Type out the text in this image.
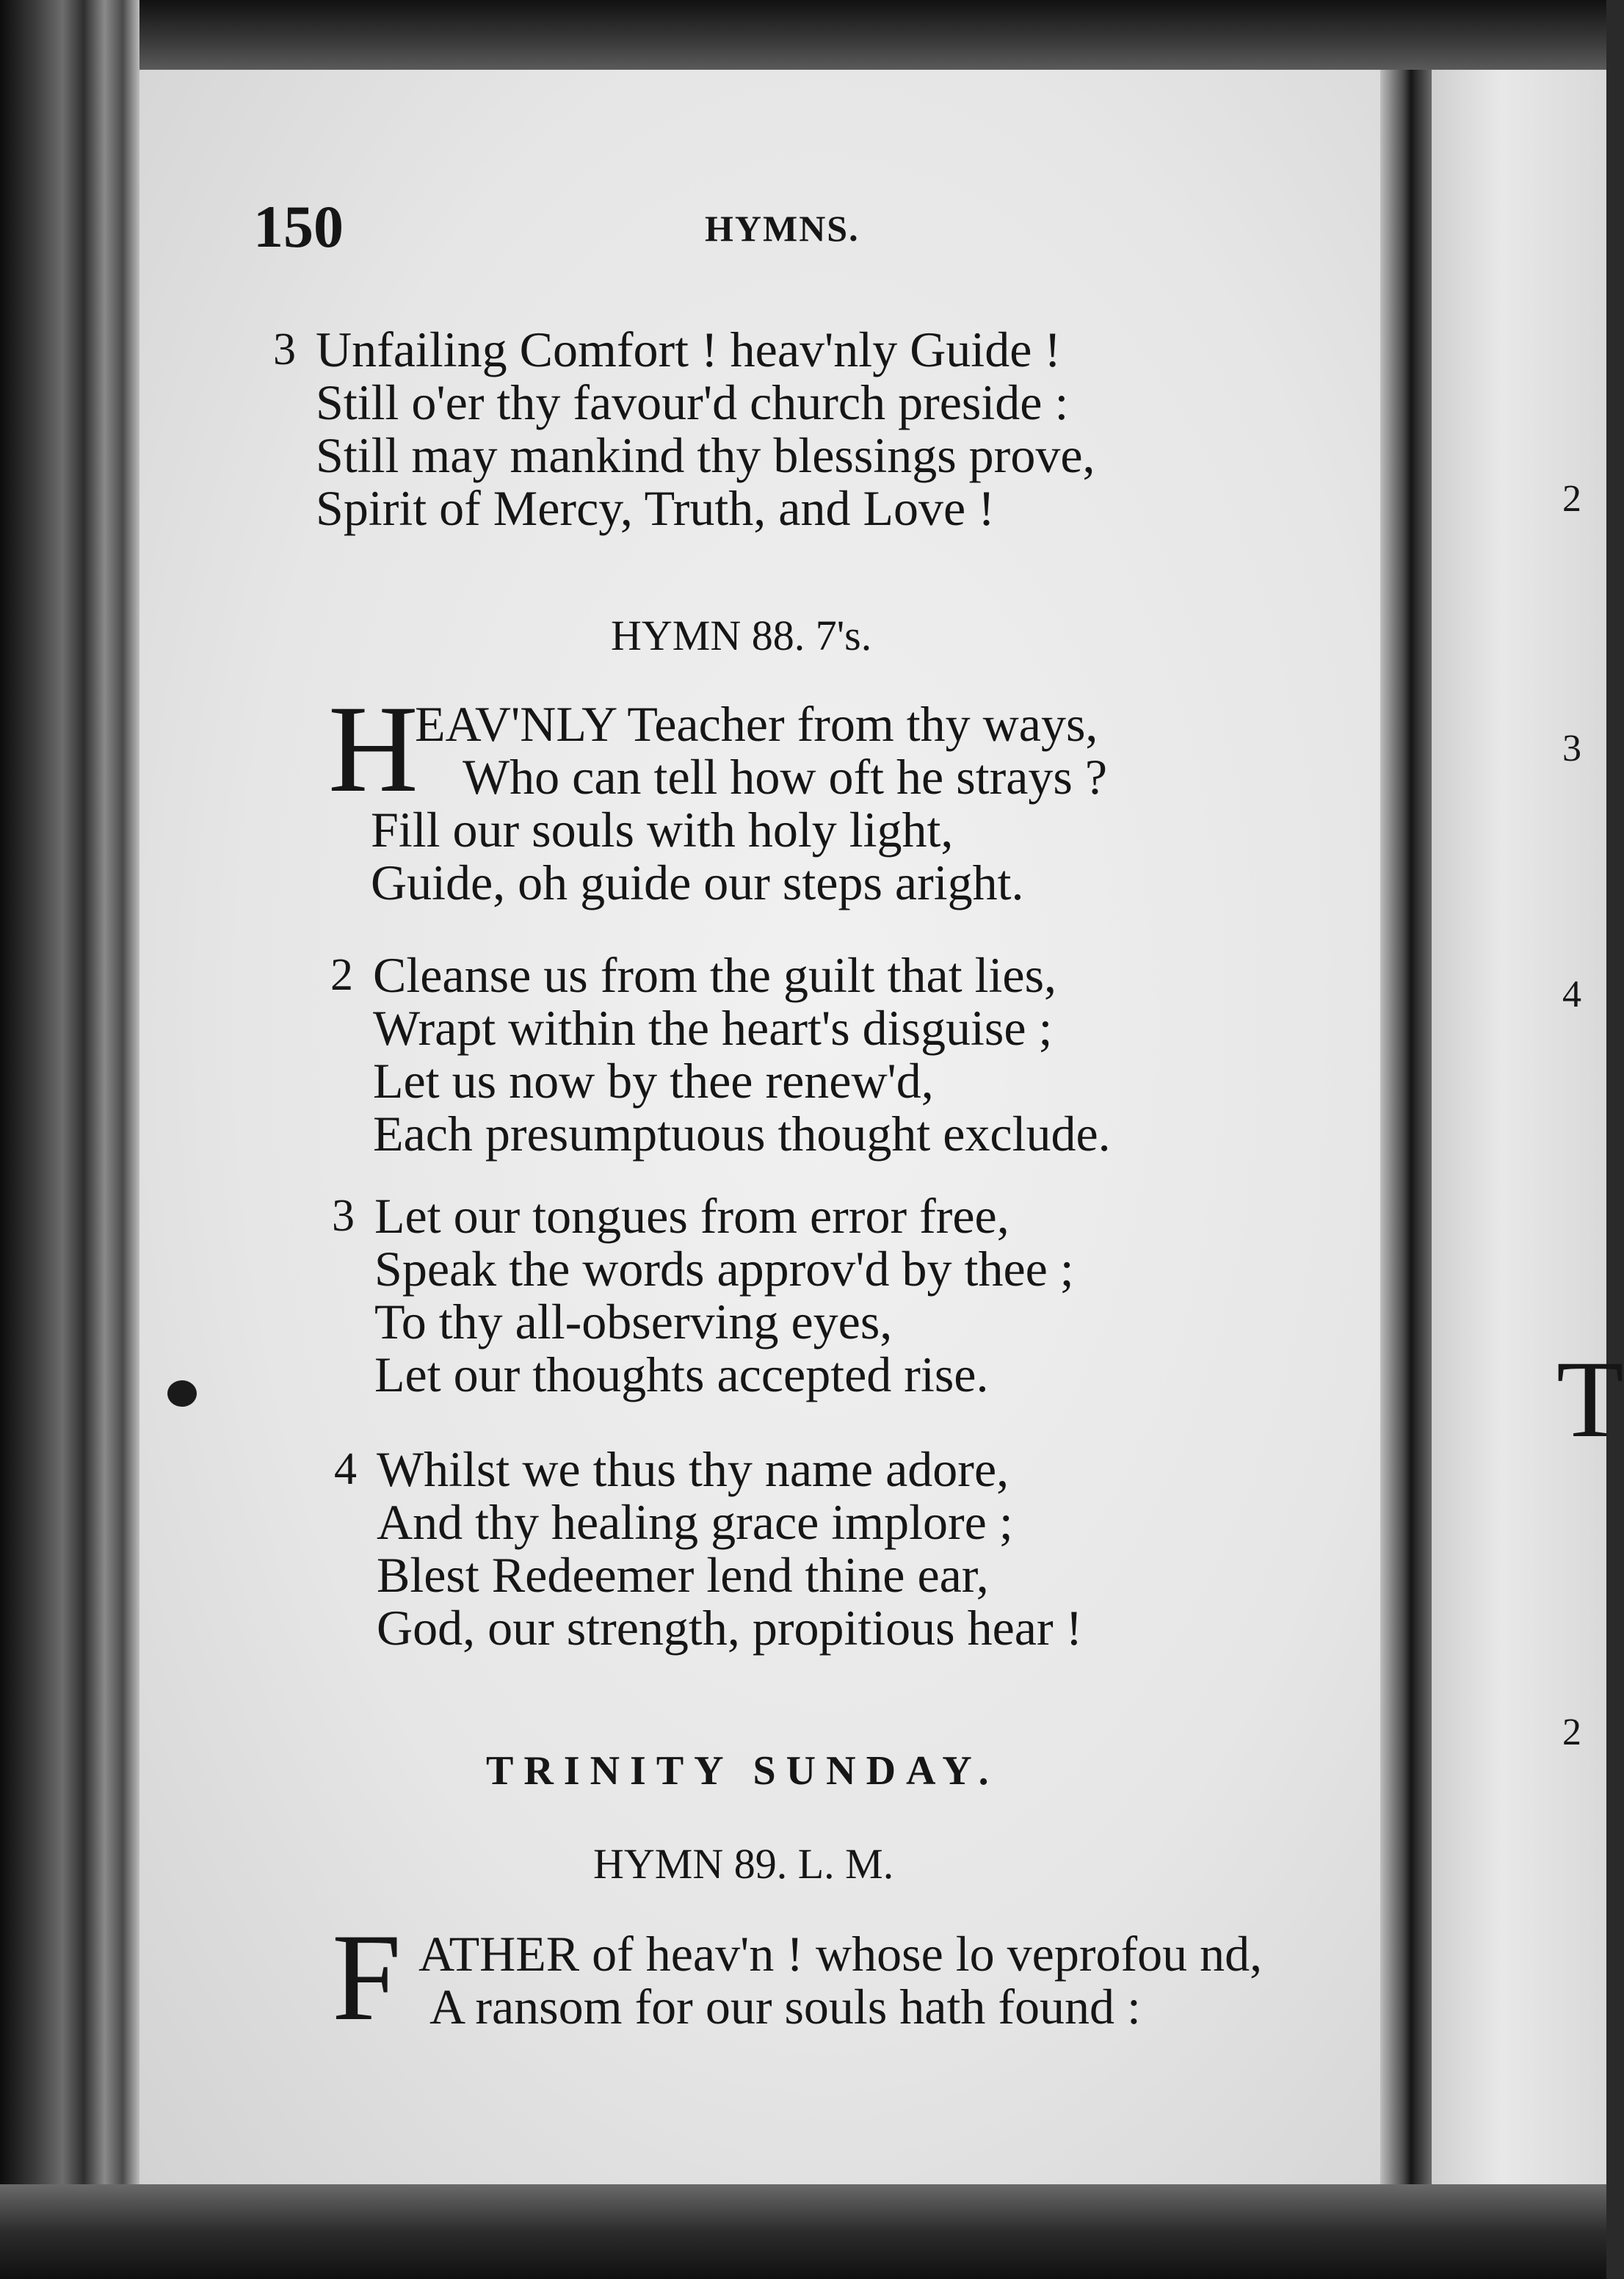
150	HYMNS.
3 Unfailing Comfort ! heav'nly Guide !
Still o'er thy favour'd church preside :
Still may mankind thy blessings prove,
Spirit of Mercy, Truth, and Love !
HYMN 88. 7's.
H
EAV'NLY Teacher from thy ways,
Who can tell how oft he strays ?
Fill our souls with holy light,
Guide, oh guide our steps aright.
2 Cleanse us from the guilt that lies,
Wrapt within the heart's disguise ;
Let us now by thee renew'd,
Each presumptuous thought exclude.
3 Let our tongues from error free,
Speak the words approv'd by thee ;
To thy all-observing eyes,
Let our thoughts accepted rise.
4 Whilst we thus thy name adore,
And thy healing grace implore ;
Blest Redeemer lend thine ear,
God, our strength, propitious hear !
TRINITY SUNDAY.
HYMN 89. L. M.
F ATHER of heav'n ! whose lo veprofou nd,
A ransom for our souls hath found :
2
3
4
2
T
